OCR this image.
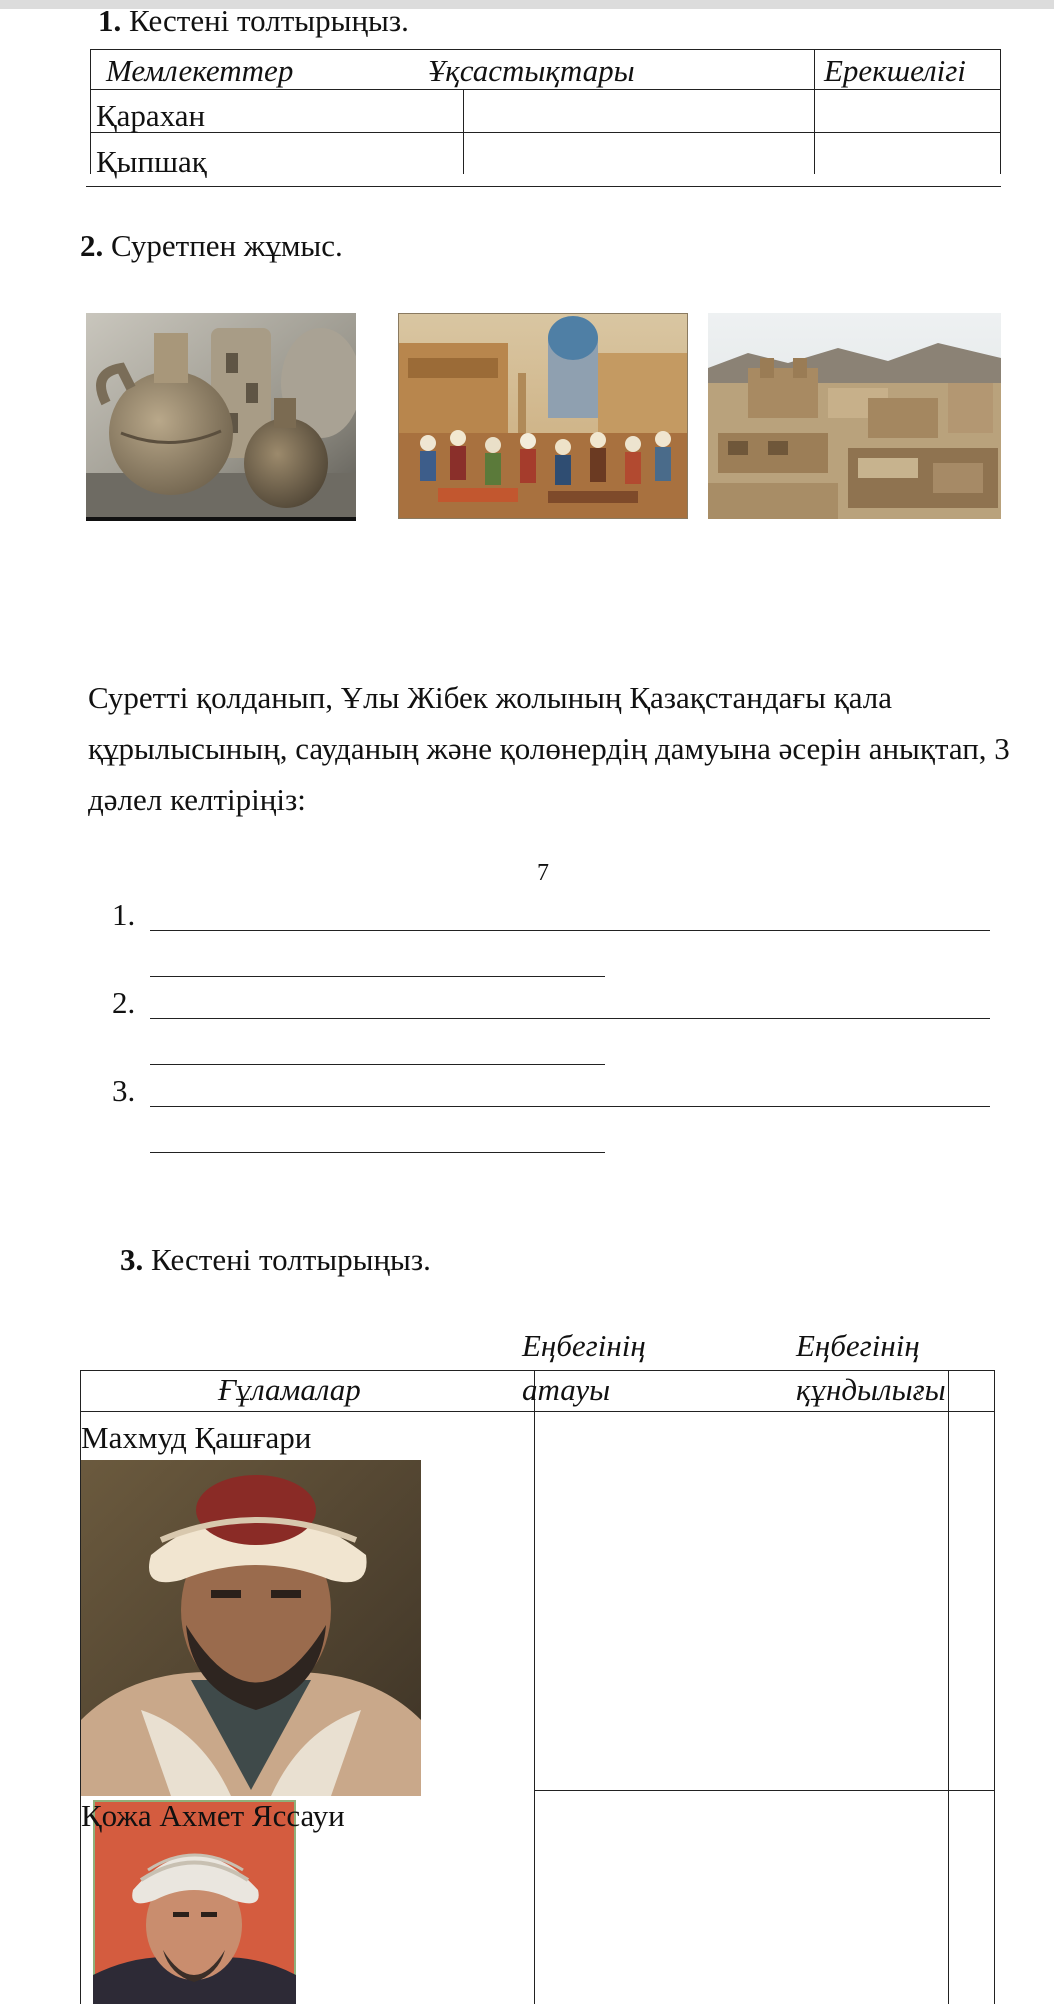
1. Кестені толтырыңыз.
Мемлекеттер	Ұқсастықтары	Ерекшелігі
Қарахан
Қыпшақ
2. Суретпен жұмыс.
Суретті қолданып, Ұлы Жібек жолының Қазақстандағы қала құрылысының, сауданың және қолөнердің дамуына әсерін анықтап, 3 дәлел келтіріңіз:
7
1.
2.
3.
3. Кестені толтырыңыз.
Ғұламалар
Еңбегінің
атауы
Еңбегінің
құндылығы
Махмуд Қашғари
Қожа Ахмет Яссауи
